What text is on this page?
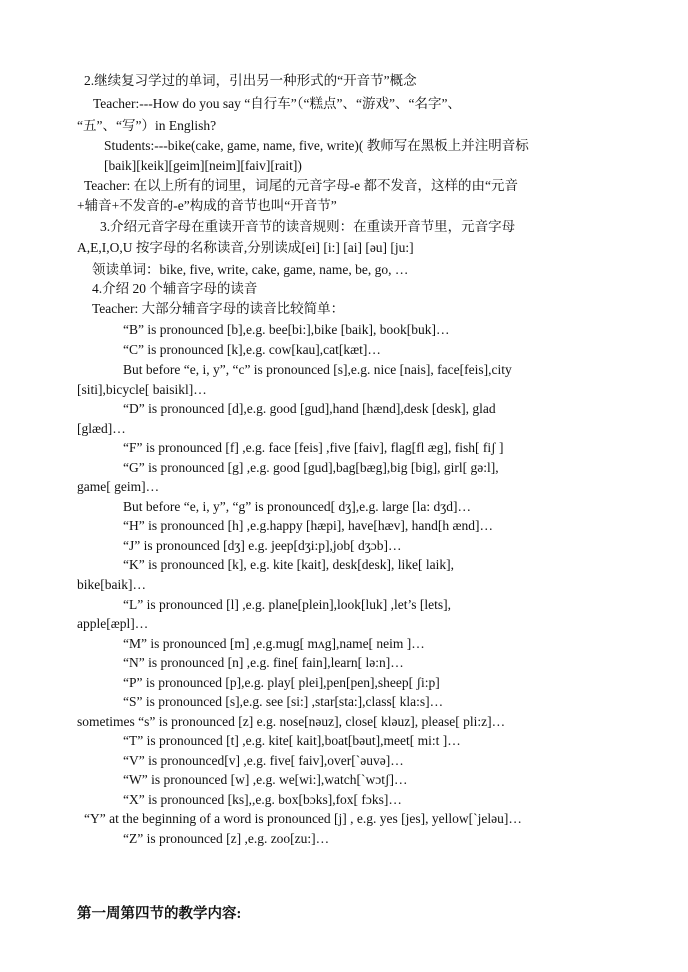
2.继续复习学过的单词，引出另一种形式的“开音节”概念
Teacher:---How do you say “自行车”（“糕点”、“游戏”、“名字”、
“五”、“写”）in English?
Students:---bike(cake, game, name, five, write)( 教师写在黑板上并注明音标
[baik][keik][geim][neim][faiv][rait])
Teacher: 在以上所有的词里，词尾的元音字母-e 都不发音，这样的由“元音
+辅音+不发音的-e”构成的音节也叫“开音节”
3.介绍元音字母在重读开音节的读音规则：在重读开音节里，元音字母
A,E,I,O,U 按字母的名称读音,分别读成[ei] [i:] [ai] [əu] [ju:]
领读单词：bike, five, write, cake, game, name, be, go, …
4.介绍 20 个辅音字母的读音
Teacher: 大部分辅音字母的读音比较简单：
“B” is pronounced [b],e.g. bee[bi:],bike [baik], book[buk]…
“C” is pronounced [k],e.g. cow[kau],cat[kæt]…
But before “e, i, y”, “c” is pronounced [s],e.g. nice [nais], face[feis],city
[siti],bicycle[ baisikl]…
“D” is pronounced [d],e.g. good [gud],hand [hænd],desk [desk], glad
[glæd]…
“F” is pronounced [f] ,e.g. face [feis] ,five [faiv], flag[fl æg], fish[ fiʃ ]
“G” is pronounced [g] ,e.g. good [gud],bag[bæg],big [big], girl[ gə:l],
game[ geim]…
But before “e, i, y”, “g” is pronounced[ dʒ],e.g. large [la: dʒd]…
“H” is pronounced [h] ,e.g.happy [hæpi], have[hæv], hand[h ænd]…
“J” is pronounced [dʒ] e.g. jeep[dʒi:p],job[ dʒɔb]…
“K” is pronounced [k], e.g. kite [kait], desk[desk], like[ laik],
bike[baik]…
“L” is pronounced [l] ,e.g. plane[plein],look[luk] ,let’s [lets],
apple[æpl]…
“M” is pronounced [m] ,e.g.mug[ mʌg],name[ neim ]…
“N” is pronounced [n] ,e.g. fine[ fain],learn[ lə:n]…
“P” is pronounced [p],e.g. play[ plei],pen[pen],sheep[ ʃi:p]
“S” is pronounced [s],e.g. see [si:] ,star[sta:],class[ kla:s]…
sometimes “s” is pronounced [z] e.g. nose[nəuz], close[ kləuz], please[ pli:z]…
“T” is pronounced [t] ,e.g. kite[ kait],boat[bəut],meet[ mi:t ]…
“V” is pronounced[v] ,e.g. five[ faiv],over[`əuvə]…
“W” is pronounced [w] ,e.g. we[wi:],watch[`wɔtʃ]…
“X” is pronounced [ks],,e.g. box[bɔks],fox[ fɔks]…
“Y” at the beginning of a word is pronounced [j] , e.g. yes [jes], yellow[`jeləu]…
“Z” is pronounced [z] ,e.g. zoo[zu:]…
第一周第四节的教学内容:
